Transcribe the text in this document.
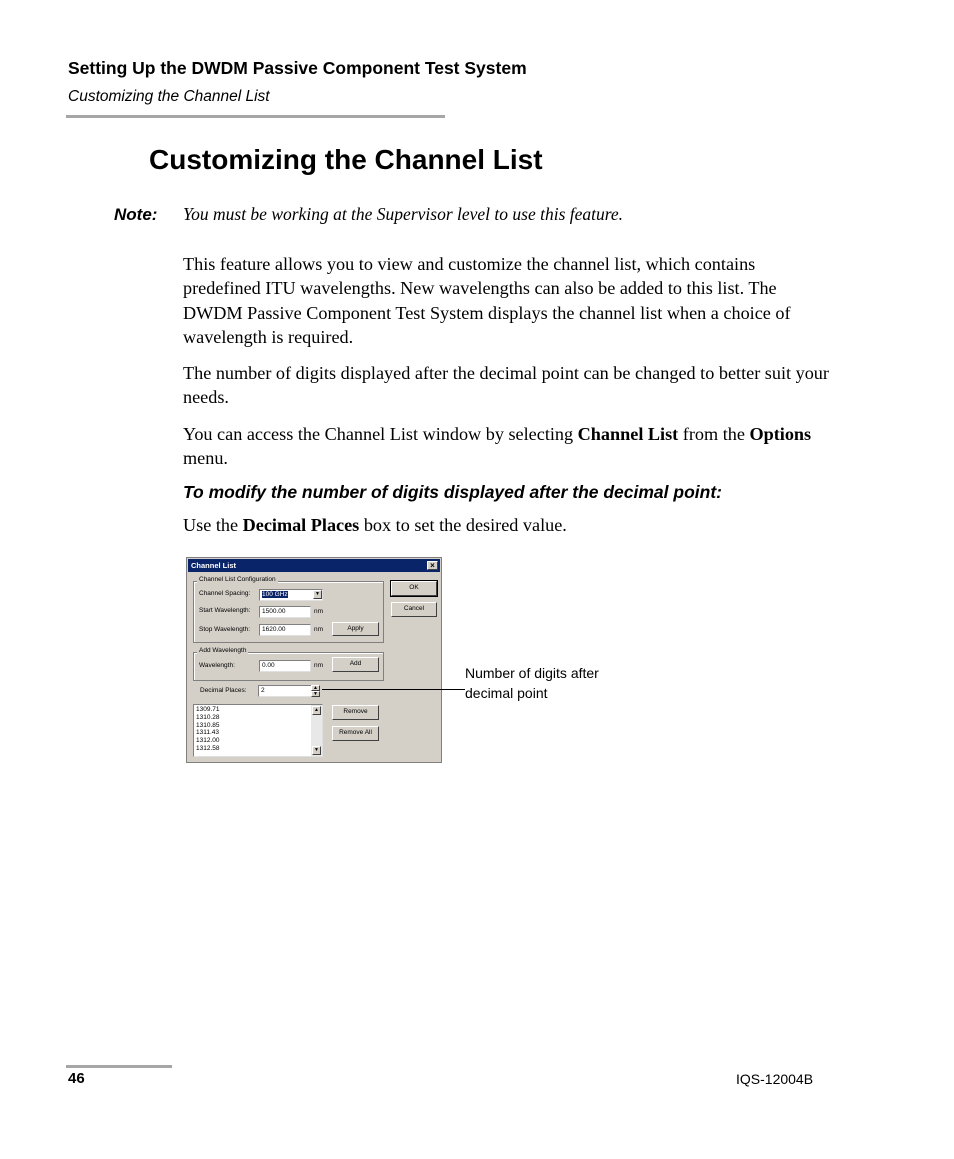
Setting Up the DWDM Passive Component Test System
Customizing the Channel List
Customizing the Channel List
Note: You must be working at the Supervisor level to use this feature.
This feature allows you to view and customize the channel list, which contains predefined ITU wavelengths. New wavelengths can also be added to this list. The DWDM Passive Component Test System displays the channel list when a choice of wavelength is required.
The number of digits displayed after the decimal point can be changed to better suit your needs.
You can access the Channel List window by selecting Channel List from the Options menu.
To modify the number of digits displayed after the decimal point:
Use the Decimal Places box to set the desired value.
Channel List	×
Channel List Configuration
Channel Spacing:	100 GHz	▼
Start Wavelength:	1500.00	nm
Stop Wavelength:	1620.00	nm	Apply
OK
Cancel
Add Wavelength
Wavelength:	0.00	nm	Add
Decimal Places:	2	▲
▼
1309.71
1310.28
1310.85
1311.43
1312.00
1312.58
▲
▼
Remove
Remove All
Number of digits after decimal point
46	IQS-12004B
